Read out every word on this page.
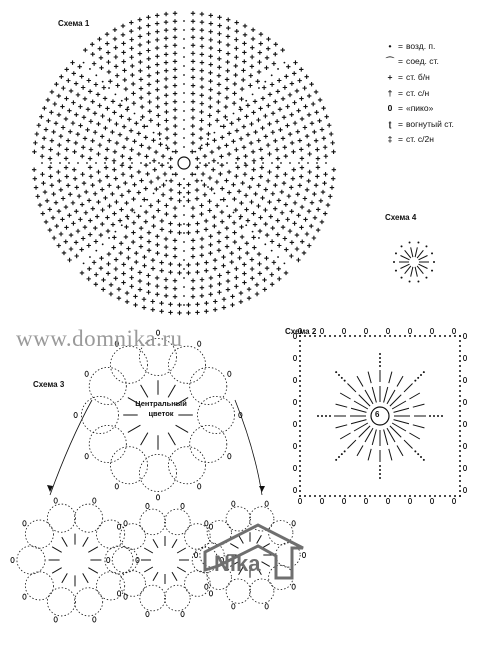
Схема 1
Схема 4
Схема 2
Схема 3
Центральный
цветок	6
• = возд. п.
⌒ = соед. ст.
+ = ст. б/н
† = ст. с/н
0 = «пико»
ʈ = вогнутый ст.
‡ = ст. с/2н
www.domnika.ru
Nika
